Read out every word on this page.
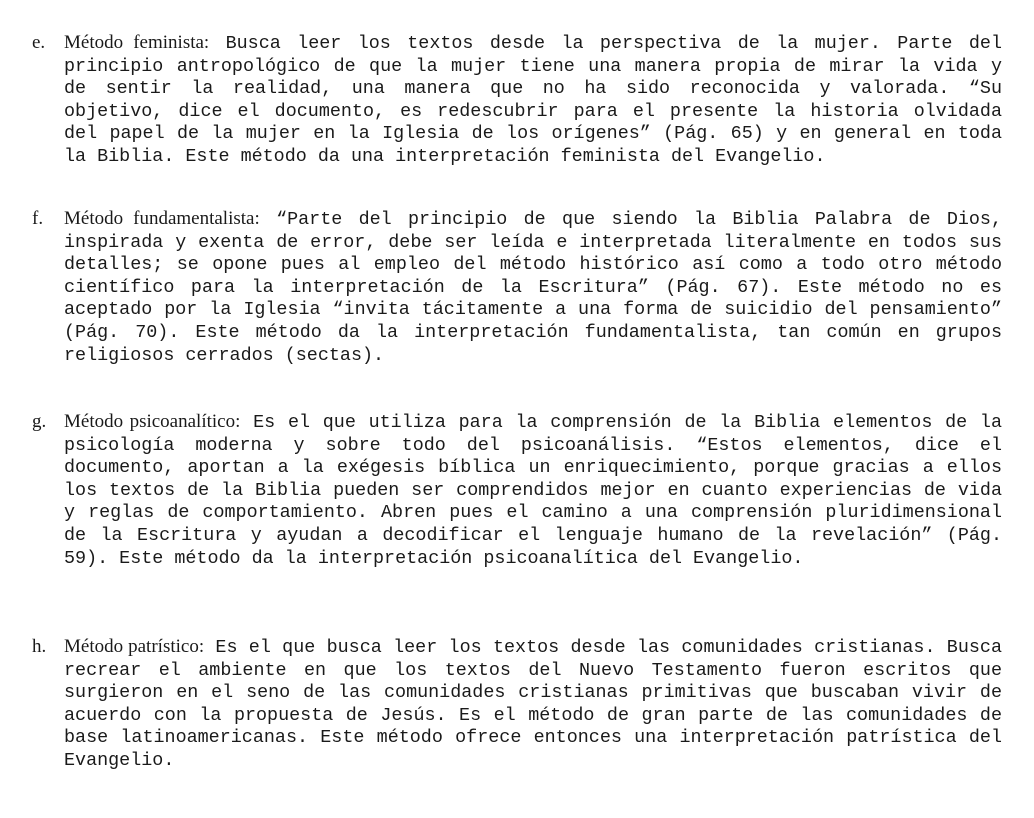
e. Método feminista: Busca leer los textos desde la perspectiva de la mujer. Parte del principio antropológico de que la mujer tiene una manera propia de mirar la vida y de sentir la realidad, una manera que no ha sido reconocida y valorada. “Su objetivo, dice el documento, es redescubrir para el presente la historia olvidada del papel de la mujer en la Iglesia de los orígenes” (Pág. 65) y en general en toda la Biblia. Este método da una interpretación feminista del Evangelio.

f. Método fundamentalista: “Parte del principio de que siendo la Biblia Palabra de Dios, inspirada y exenta de error, debe ser leída e interpretada literalmente en todos sus detalles; se opone pues al empleo del método histórico así como a todo otro método científico para la interpretación de la Escritura” (Pág. 67). Este método no es aceptado por la Iglesia “invita tácitamente a una forma de suicidio del pensamiento” (Pág. 70). Este método da la interpretación fundamentalista, tan común en grupos religiosos cerrados (sectas).

g. Método psicoanalítico: Es el que utiliza para la comprensión de la Biblia elementos de la psicología moderna y sobre todo del psicoanálisis. “Estos elementos, dice el documento, aportan a la exégesis bíblica un enriquecimiento, porque gracias a ellos los textos de la Biblia pueden ser comprendidos mejor en cuanto experiencias de vida y reglas de comportamiento. Abren pues el camino a una comprensión pluridimensional de la Escritura y ayudan a decodificar el lenguaje humano de la revelación” (Pág. 59). Este método da la interpretación psicoanalítica del Evangelio.

h. Método patrístico: Es el que busca leer los textos desde las comunidades cristianas. Busca recrear el ambiente en que los textos del Nuevo Testamento fueron escritos que surgieron en el seno de las comunidades cristianas primitivas que buscaban vivir de acuerdo con la propuesta de Jesús. Es el método de gran parte de las comunidades de base latinoamericanas. Este método ofrece entonces una interpretación patrística del Evangelio.
